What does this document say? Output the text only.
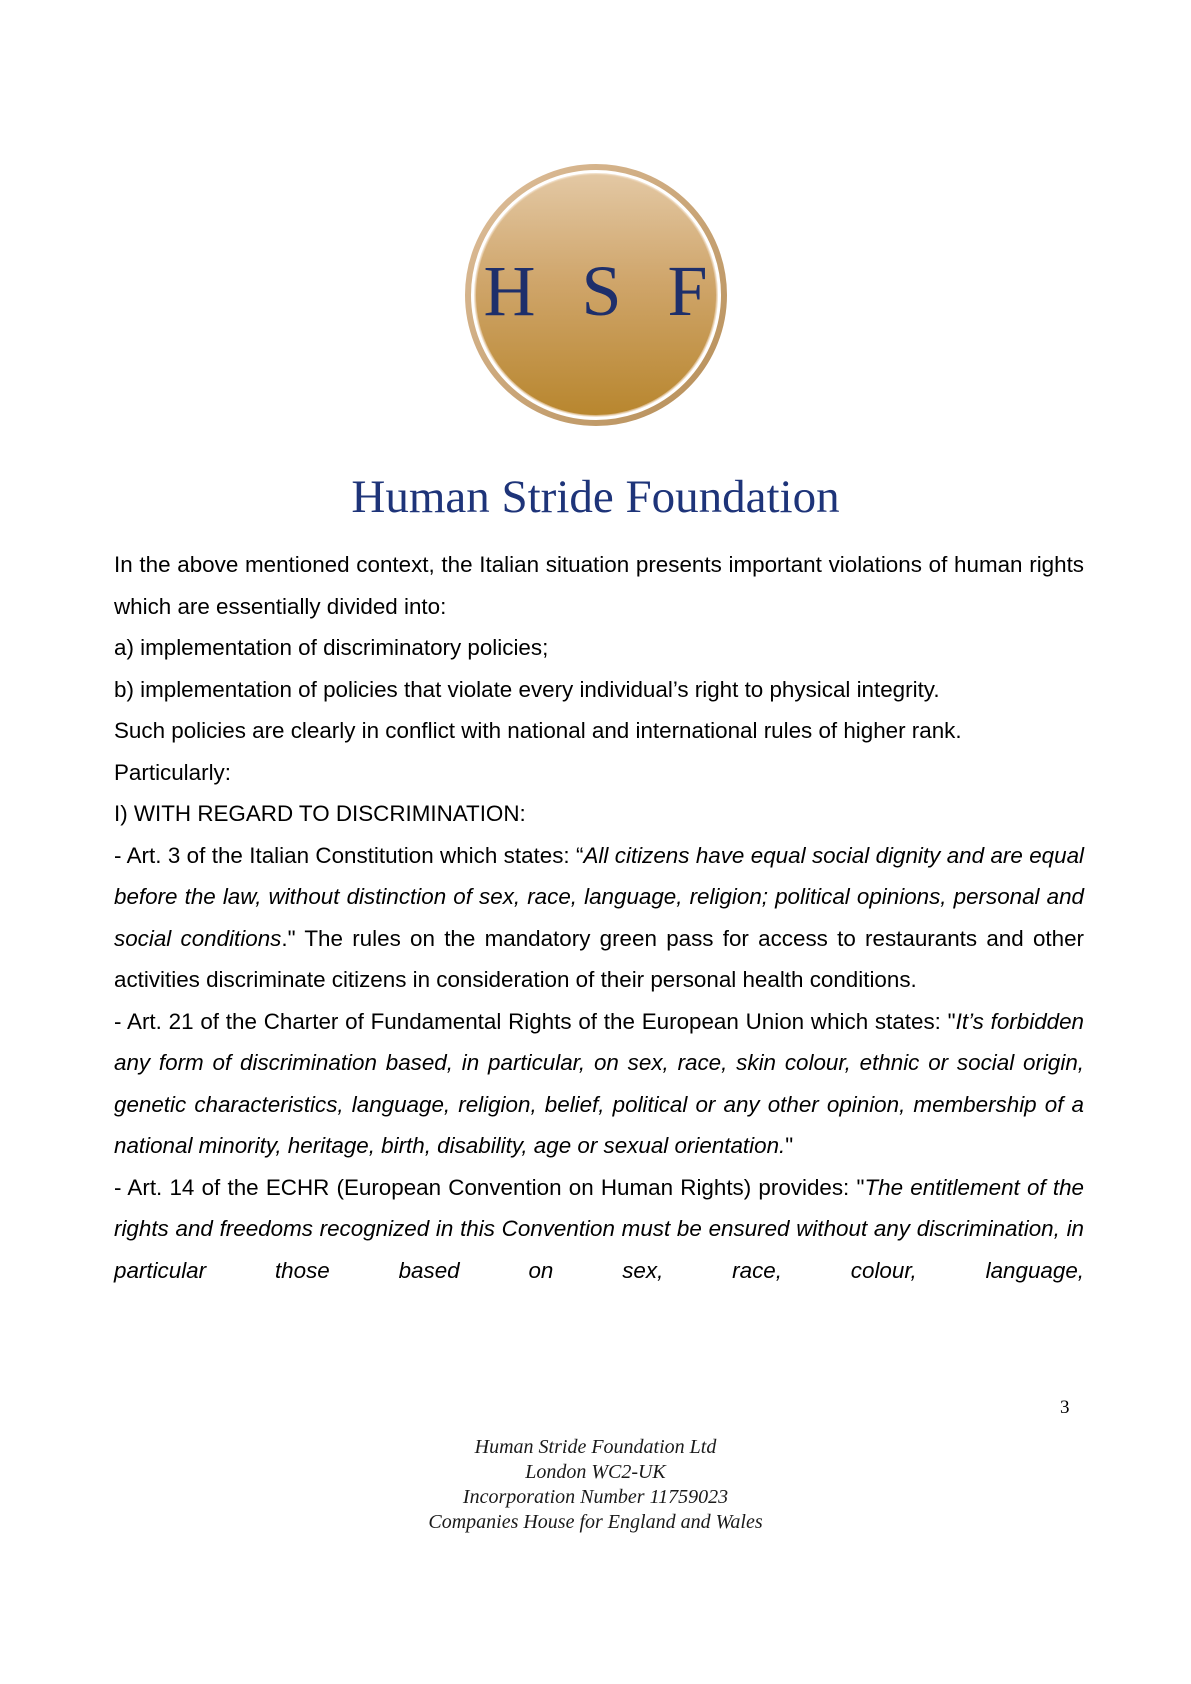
H S F
Human Stride Foundation

In the above mentioned context, the Italian situation presents important violations of human rights which are essentially divided into:

a) implementation of discriminatory policies;

b) implementation of policies that violate every individual’s right to physical integrity.

Such policies are clearly in conflict with national and international rules of higher rank.

Particularly:

I) WITH REGARD TO DISCRIMINATION:

- Art. 3 of the Italian Constitution which states: “All citizens have equal social dignity and are equal before the law, without distinction of sex, race, language, religion; political opinions, personal and social conditions." The rules on the mandatory green pass for access to restaurants and other activities discriminate citizens in consideration of their personal health conditions.

- Art. 21 of the Charter of Fundamental Rights of the European Union which states: "It’s forbidden any form of discrimination based, in particular, on sex, race, skin colour, ethnic or social origin, genetic characteristics, language, religion, belief, political or any other opinion, membership of a national minority, heritage, birth, disability, age or sexual orientation."

- Art. 14 of the ECHR (European Convention on Human Rights) provides: "The entitlement of the rights and freedoms recognized in this Convention must be ensured without any discrimination, in particular those based on sex, race, colour, language,

3
Human Stride Foundation Ltd
London WC2-UK
Incorporation Number 11759023
Companies House for England and Wales
